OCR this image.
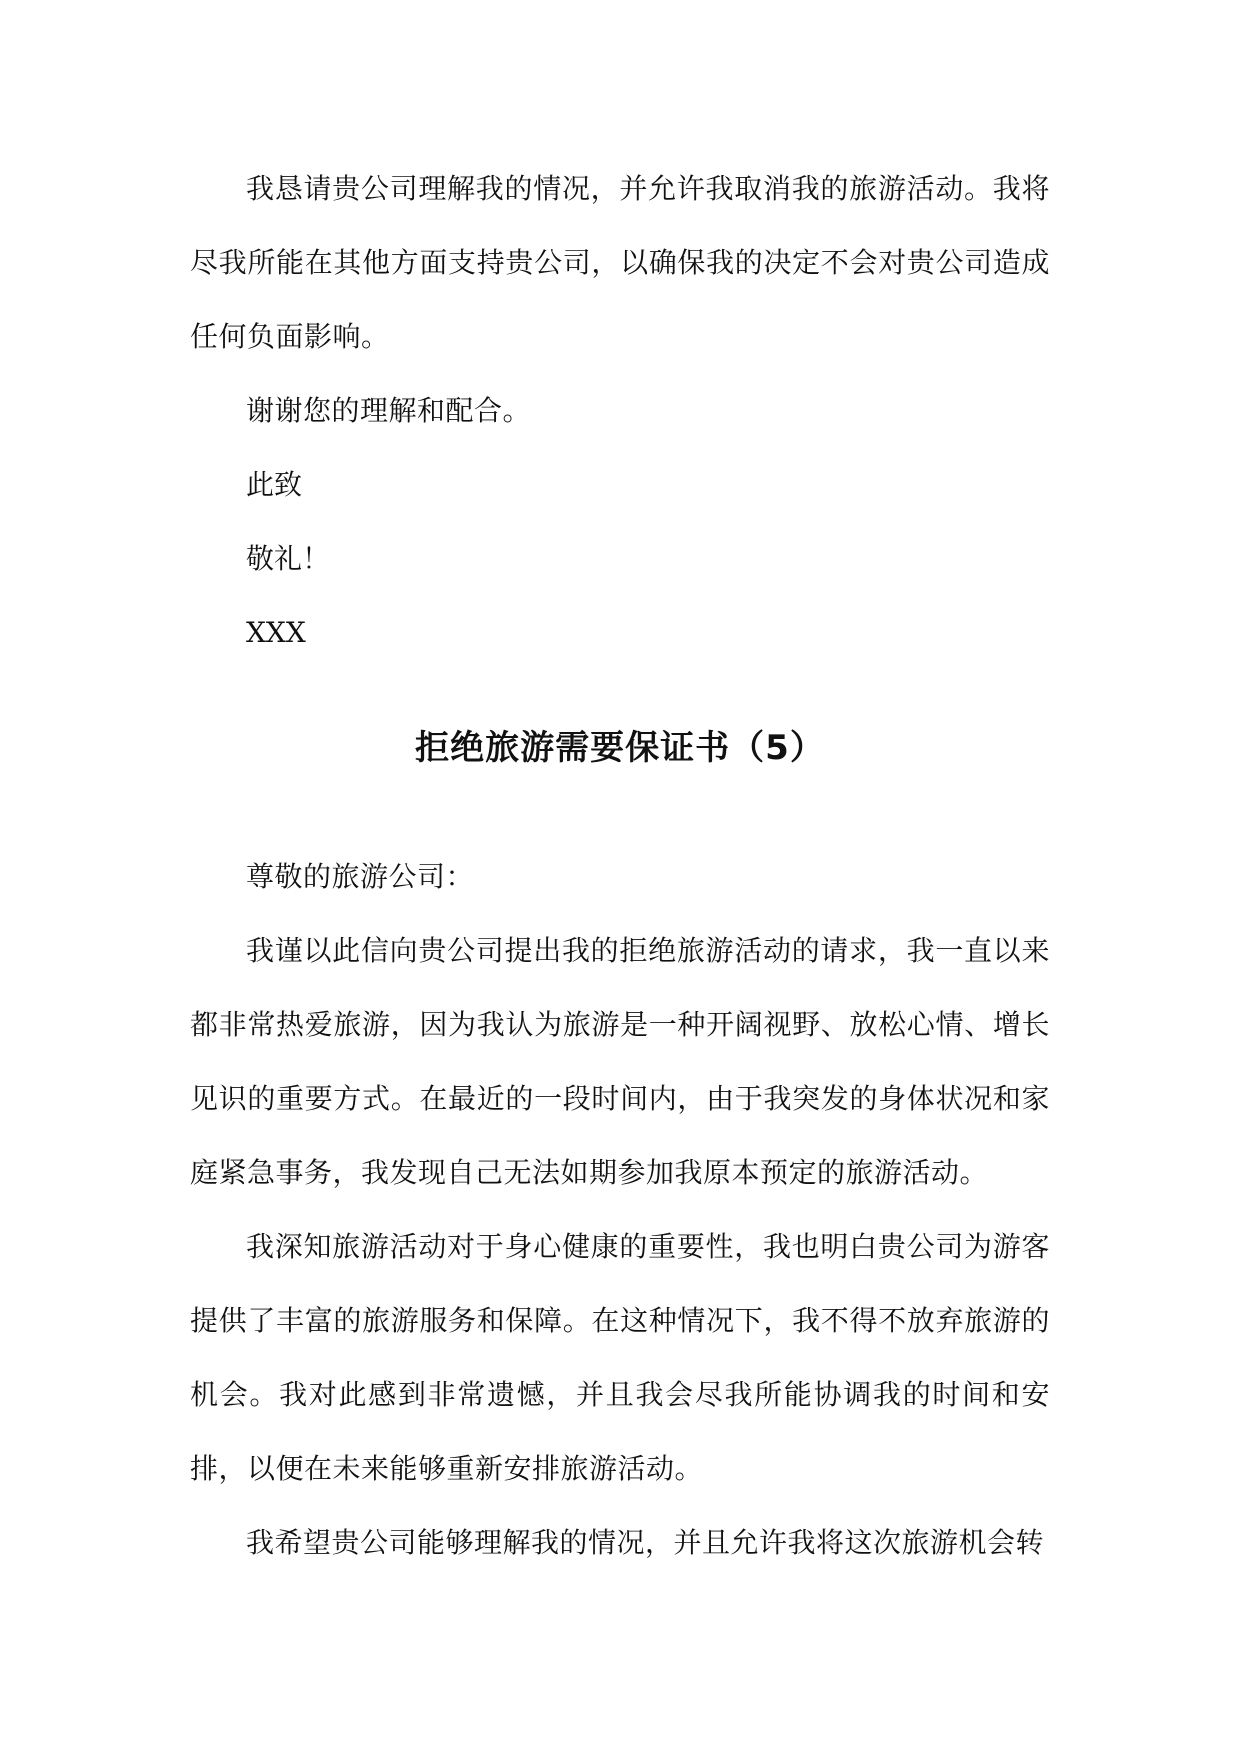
我恳请贵公司理解我的情况，并允许我取消我的旅游活动。我将尽我所能在其他方面支持贵公司，以确保我的决定不会对贵公司造成任何负面影响。

谢谢您的理解和配合。

此致

敬礼！

XXX

拒绝旅游需要保证书（5）

尊敬的旅游公司：

我谨以此信向贵公司提出我的拒绝旅游活动的请求，我一直以来都非常热爱旅游，因为我认为旅游是一种开阔视野、放松心情、增长见识的重要方式。在最近的一段时间内，由于我突发的身体状况和家庭紧急事务，我发现自己无法如期参加我原本预定的旅游活动。

我深知旅游活动对于身心健康的重要性，我也明白贵公司为游客提供了丰富的旅游服务和保障。在这种情况下，我不得不放弃旅游的机会。我对此感到非常遗憾，并且我会尽我所能协调我的时间和安排，以便在未来能够重新安排旅游活动。

我希望贵公司能够理解我的情况，并且允许我将这次旅游机会转
